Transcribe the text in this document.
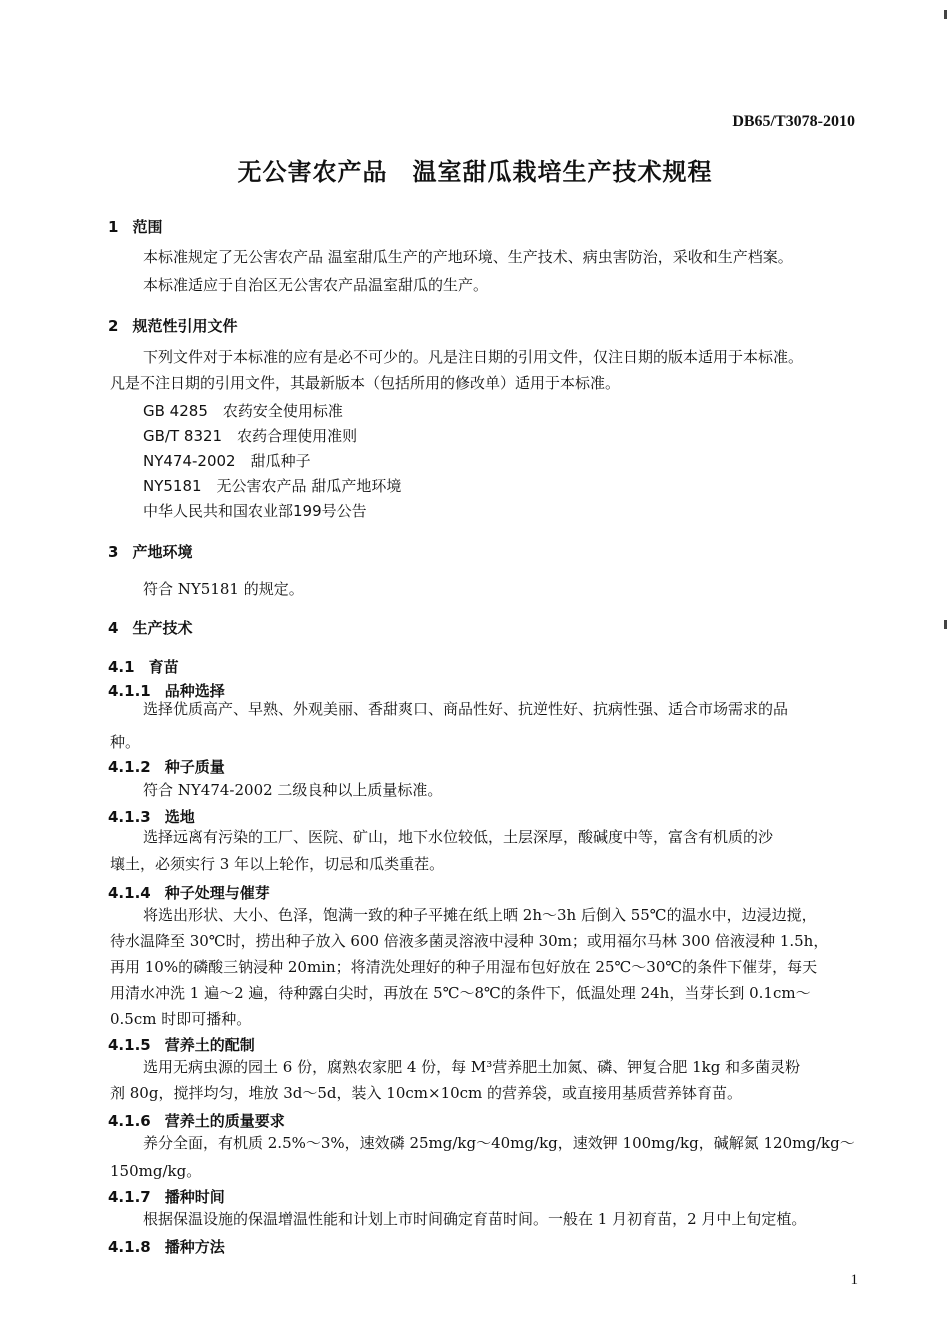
DB65/T3078-2010
无公害农产品　温室甜瓜栽培生产技术规程
1 范围
本标准规定了无公害农产品 温室甜瓜生产的产地环境、生产技术、病虫害防治，采收和生产档案。
本标准适应于自治区无公害农产品温室甜瓜的生产。
2 规范性引用文件
下列文件对于本标准的应有是必不可少的。凡是注日期的引用文件，仅注日期的版本适用于本标准。
凡是不注日期的引用文件，其最新版本（包括所用的修改单）适用于本标准。
GB 4285　农药安全使用标准
GB/T 8321　农药合理使用准则
NY474-2002　甜瓜种子
NY5181　无公害农产品 甜瓜产地环境
中华人民共和国农业部199号公告
3 产地环境
符合 NY5181 的规定。
4 生产技术
4.1 育苗
4.1.1 品种选择
选择优质高产、早熟、外观美丽、香甜爽口、商品性好、抗逆性好、抗病性强、适合市场需求的品
种。
4.1.2 种子质量
符合 NY474-2002 二级良种以上质量标准。
4.1.3 选地
选择远离有污染的工厂、医院、矿山，地下水位较低，土层深厚，酸碱度中等，富含有机质的沙
壤土，必须实行 3 年以上轮作，切忌和瓜类重茬。
4.1.4 种子处理与催芽
将选出形状、大小、色泽，饱满一致的种子平摊在纸上晒 2h～3h 后倒入 55℃的温水中，边浸边搅，
待水温降至 30℃时，捞出种子放入 600 倍液多菌灵溶液中浸种 30m；或用福尔马林 300 倍液浸种 1.5h，
再用 10%的磷酸三钠浸种 20min；将清洗处理好的种子用湿布包好放在 25℃～30℃的条件下催芽，每天
用清水冲洗 1 遍～2 遍，待种露白尖时，再放在 5℃～8℃的条件下，低温处理 24h，当芽长到 0.1cm～
0.5cm 时即可播种。
4.1.5 营养土的配制
选用无病虫源的园土 6 份，腐熟农家肥 4 份，每 M³营养肥土加氮、磷、钾复合肥 1kg 和多菌灵粉
剂 80g，搅拌均匀，堆放 3d～5d，装入 10cm×10cm 的营养袋，或直接用基质营养钵育苗。
4.1.6 营养土的质量要求
养分全面，有机质 2.5%～3%，速效磷 25mg/kg～40mg/kg，速效钾 100mg/kg，碱解氮 120mg/kg～
150mg/kg。
4.1.7 播种时间
根据保温设施的保温增温性能和计划上市时间确定育苗时间。一般在 1 月初育苗，2 月中上旬定植。
4.1.8 播种方法
1
